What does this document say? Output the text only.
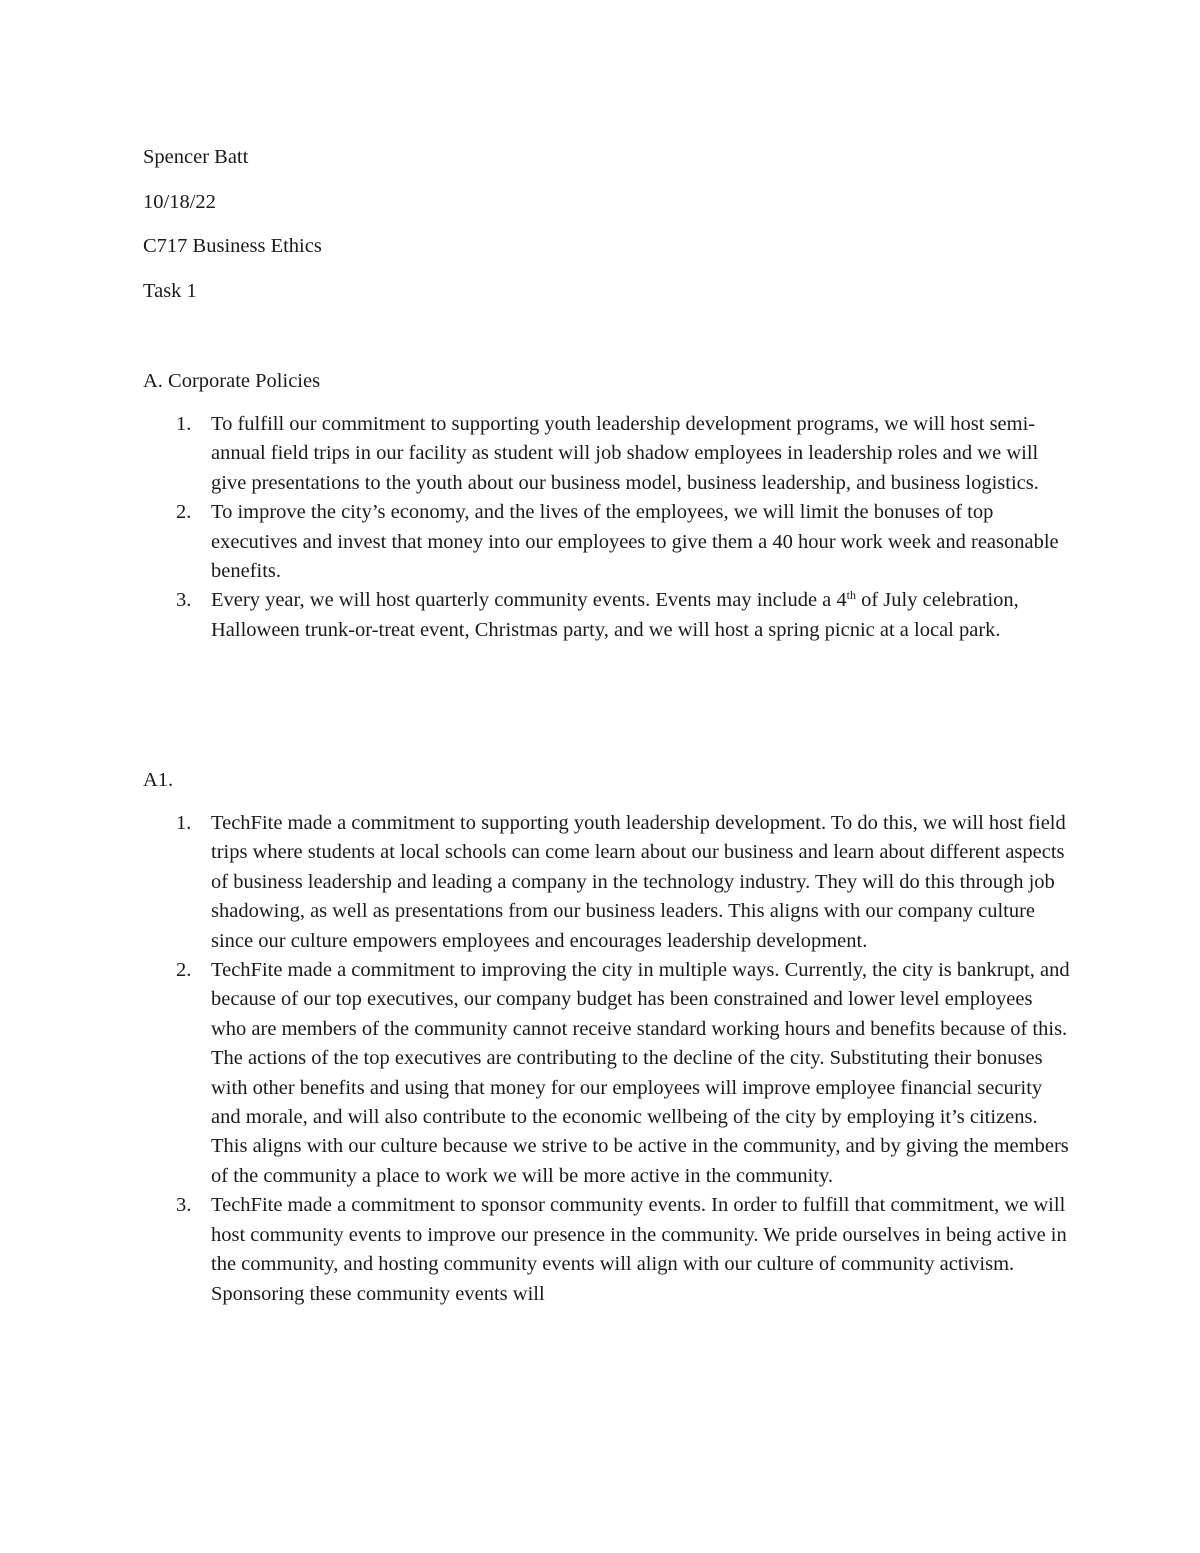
Spencer Batt
10/18/22
C717 Business Ethics
Task 1
A. Corporate Policies
1. To fulfill our commitment to supporting youth leadership development programs, we will host semi-annual field trips in our facility as student will job shadow employees in leadership roles and we will give presentations to the youth about our business model, business leadership, and business logistics.
2. To improve the city’s economy, and the lives of the employees, we will limit the bonuses of top executives and invest that money into our employees to give them a 40 hour work week and reasonable benefits.
3. Every year, we will host quarterly community events. Events may include a 4th of July celebration, Halloween trunk-or-treat event, Christmas party, and we will host a spring picnic at a local park.
A1.
1. TechFite made a commitment to supporting youth leadership development. To do this, we will host field trips where students at local schools can come learn about our business and learn about different aspects of business leadership and leading a company in the technology industry. They will do this through job shadowing, as well as presentations from our business leaders. This aligns with our company culture since our culture empowers employees and encourages leadership development.
2. TechFite made a commitment to improving the city in multiple ways. Currently, the city is bankrupt, and because of our top executives, our company budget has been constrained and lower level employees who are members of the community cannot receive standard working hours and benefits because of this. The actions of the top executives are contributing to the decline of the city. Substituting their bonuses with other benefits and using that money for our employees will improve employee financial security and morale, and will also contribute to the economic wellbeing of the city by employing it’s citizens. This aligns with our culture because we strive to be active in the community, and by giving the members of the community a place to work we will be more active in the community.
3. TechFite made a commitment to sponsor community events. In order to fulfill that commitment, we will host community events to improve our presence in the community. We pride ourselves in being active in the community, and hosting community events will align with our culture of community activism. Sponsoring these community events will
